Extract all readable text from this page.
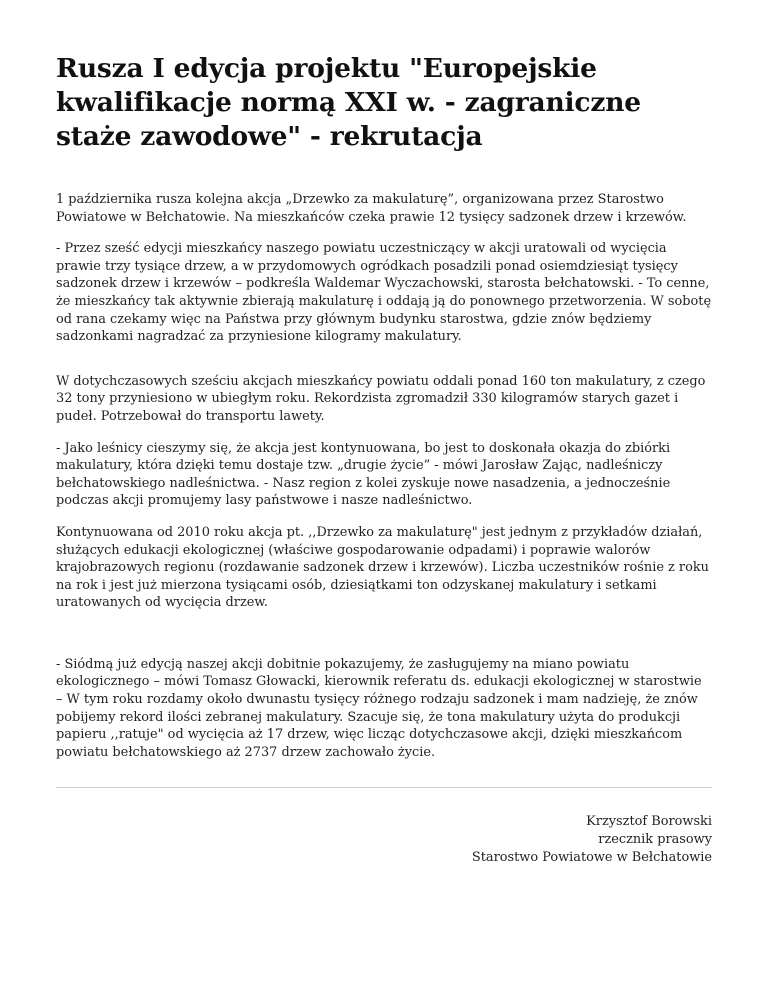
Rusza I edycja projektu "Europejskie kwalifikacje normą XXI w. - zagraniczne staże zawodowe" - rekrutacja

1 października rusza kolejna akcja „Drzewko za makulaturę”, organizowana przez Starostwo Powiatowe w Bełchatowie. Na mieszkańców czeka prawie 12 tysięcy sadzonek drzew i krzewów.

- Przez sześć edycji mieszkańcy naszego powiatu uczestniczący w akcji uratowali od wycięcia prawie trzy tysiące drzew, a w przydomowych ogródkach posadzili ponad osiemdziesiąt tysięcy sadzonek drzew i krzewów – podkreśla Waldemar Wyczachowski, starosta bełchatowski. - To cenne, że mieszkańcy tak aktywnie zbierają makulaturę i oddają ją do ponownego przetworzenia. W sobotę od rana czekamy więc na Państwa przy głównym budynku starostwa, gdzie znów będziemy sadzonkami nagradzać za przyniesione kilogramy makulatury.

W dotychczasowych sześciu akcjach mieszkańcy powiatu oddali ponad 160 ton makulatury, z czego 32 tony przyniesiono w ubiegłym roku. Rekordzista zgromadził 330 kilogramów starych gazet i pudeł. Potrzebował do transportu lawety.

- Jako leśnicy cieszymy się, że akcja jest kontynuowana, bo jest to doskonała okazja do zbiórki makulatury, która dzięki temu dostaje tzw. „drugie życie” - mówi Jarosław Zając, nadleśniczy bełchatowskiego nadleśnictwa. - Nasz region z kolei zyskuje nowe nasadzenia, a jednocześnie podczas akcji promujemy lasy państwowe i nasze nadleśnictwo.

Kontynuowana od 2010 roku akcja pt. ,,Drzewko za makulaturę" jest jednym z przykładów działań, służących edukacji ekologicznej (właściwe gospodarowanie odpadami) i poprawie walorów krajobrazowych regionu (rozdawanie sadzonek drzew i krzewów). Liczba uczestników rośnie z roku na rok i jest już mierzona tysiącami osób, dziesiątkami ton odzyskanej makulatury i setkami uratowanych od wycięcia drzew.

- Siódmą już edycją naszej akcji dobitnie pokazujemy, że zasługujemy na miano powiatu ekologicznego – mówi Tomasz Głowacki, kierownik referatu ds. edukacji ekologicznej w starostwie – W tym roku rozdamy około dwunastu tysięcy różnego rodzaju sadzonek i mam nadzieję, że znów pobijemy rekord ilości zebranej makulatury. Szacuje się, że tona makulatury użyta do produkcji papieru ,,ratuje" od wycięcia aż 17 drzew, więc licząc dotychczasowe akcji, dzięki mieszkańcom powiatu bełchatowskiego aż 2737 drzew zachowało życie.

Krzysztof Borowski
rzecznik prasowy
Starostwo Powiatowe w Bełchatowie
